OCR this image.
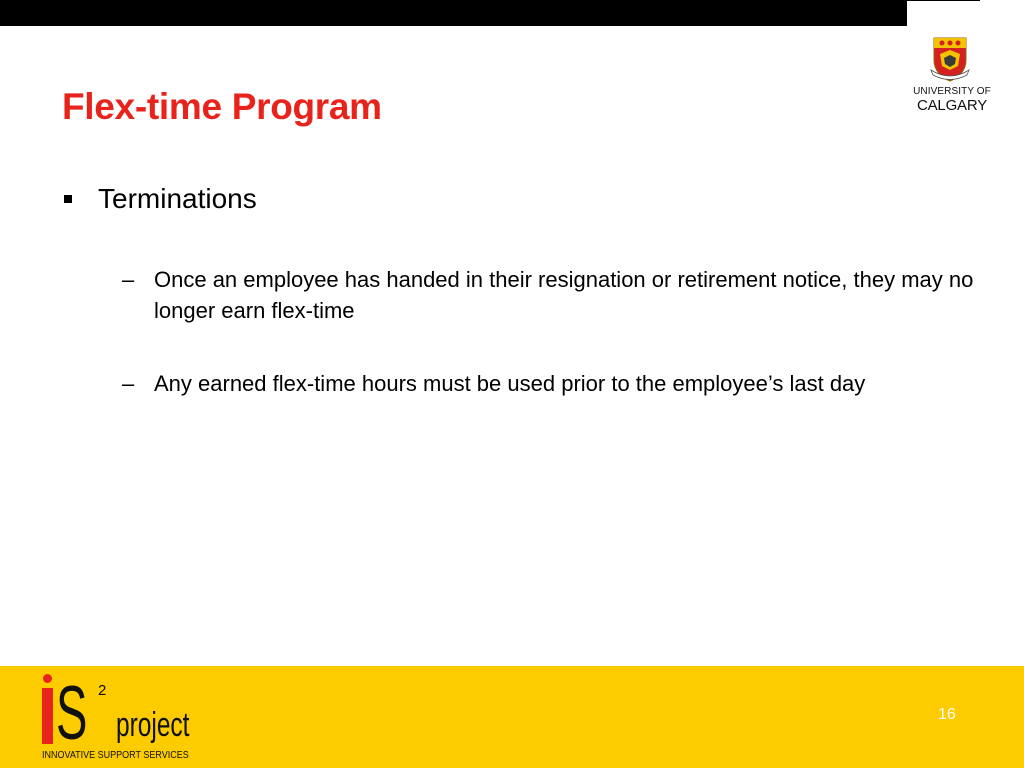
Flex-time Program	UNIVERSITY OF
CALGARY
Terminations
– Once an employee has handed in their resignation or retirement notice, they may no longer earn flex-time
– Any earned flex-time hours must be used prior to the employee’s last day
S 2
project
INNOVATIVE SUPPORT SERVICES
16
